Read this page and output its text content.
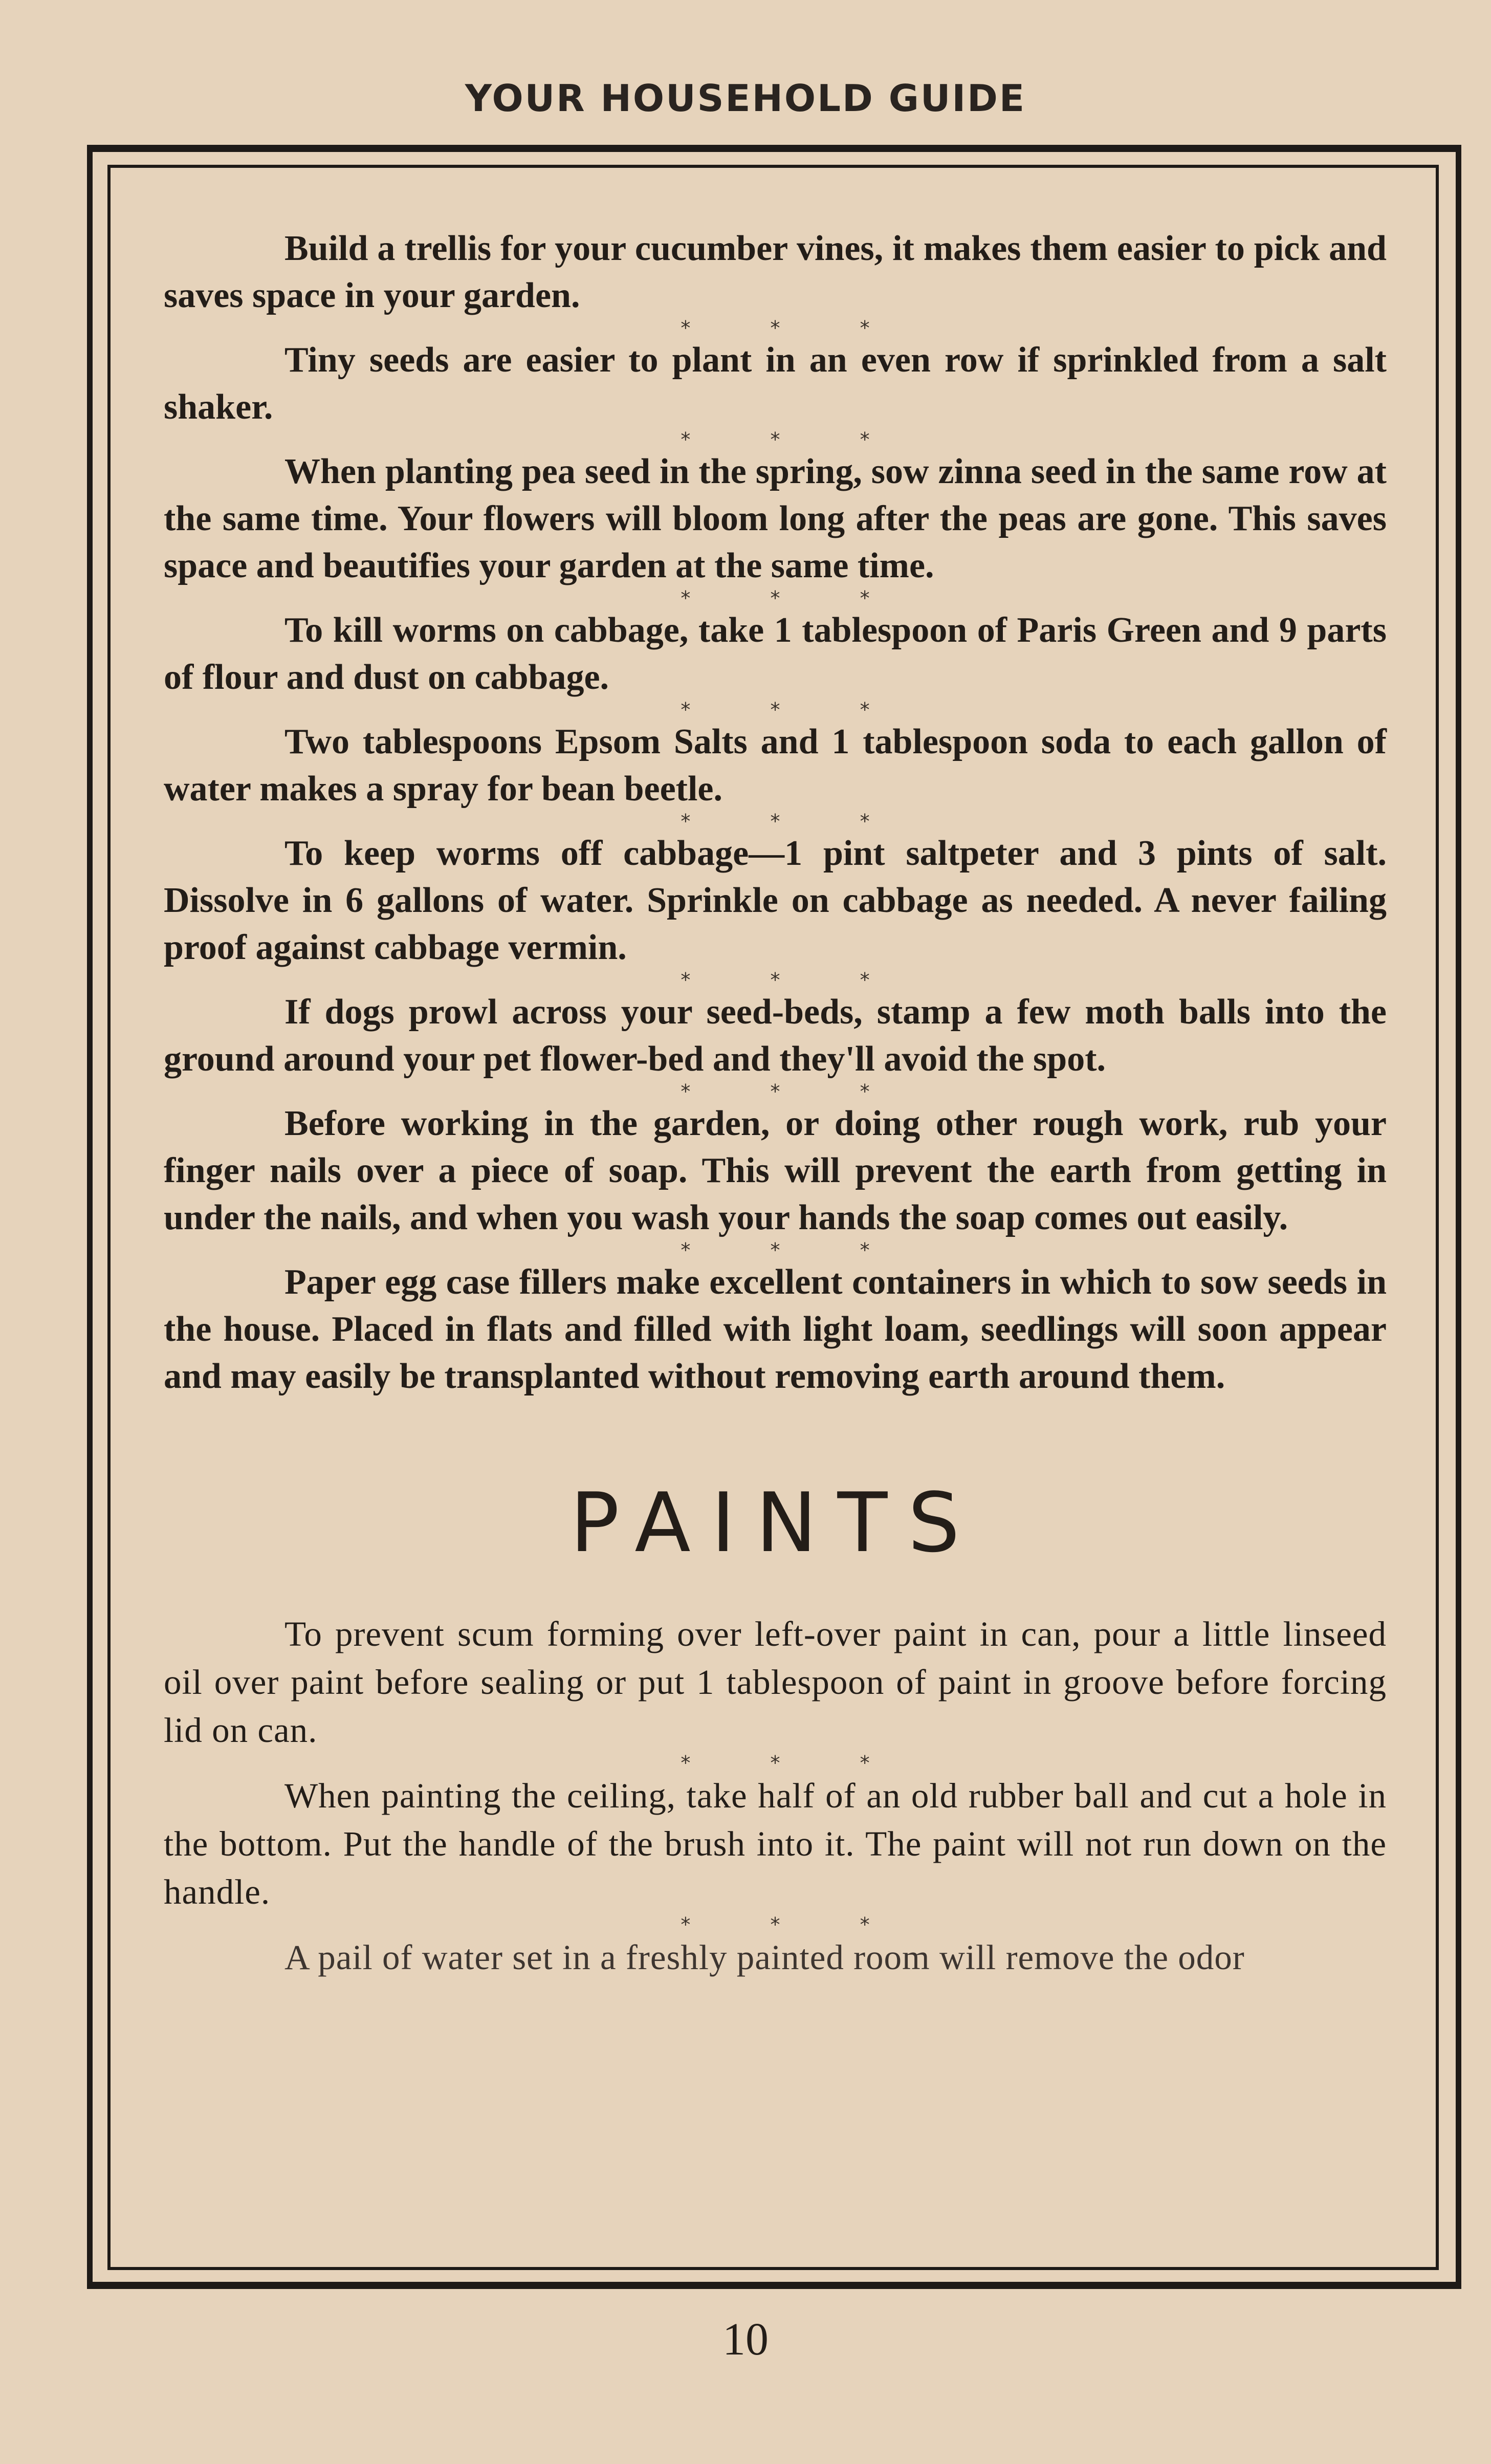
YOUR HOUSEHOLD GUIDE

Build a trellis for your cucumber vines, it makes them easier to pick and saves space in your garden.

* * *

Tiny seeds are easier to plant in an even row if sprinkled from a salt shaker.

* * *

When planting pea seed in the spring, sow zinna seed in the same row at the same time. Your flowers will bloom long after the peas are gone. This saves space and beautifies your garden at the same time.

* * *

To kill worms on cabbage, take 1 tablespoon of Paris Green and 9 parts of flour and dust on cabbage.

* * *

Two tablespoons Epsom Salts and 1 tablespoon soda to each gallon of water makes a spray for bean beetle.

* * *

To keep worms off cabbage—1 pint saltpeter and 3 pints of salt. Dissolve in 6 gallons of water. Sprinkle on cabbage as needed. A never failing proof against cabbage vermin.

* * *

If dogs prowl across your seed-beds, stamp a few moth balls into the ground around your pet flower-bed and they'll avoid the spot.

* * *

Before working in the garden, or doing other rough work, rub your finger nails over a piece of soap. This will prevent the earth from getting in under the nails, and when you wash your hands the soap comes out easily.

* * *

Paper egg case fillers make excellent containers in which to sow seeds in the house. Placed in flats and filled with light loam, seedlings will soon appear and may easily be transplanted without removing earth around them.

PAINTS

To prevent scum forming over left-over paint in can, pour a little linseed oil over paint before sealing or put 1 tablespoon of paint in groove before forcing lid on can.

* * *

When painting the ceiling, take half of an old rubber ball and cut a hole in the bottom. Put the handle of the brush into it. The paint will not run down on the handle.

* * *

A pail of water set in a freshly painted room will remove the odor

10
